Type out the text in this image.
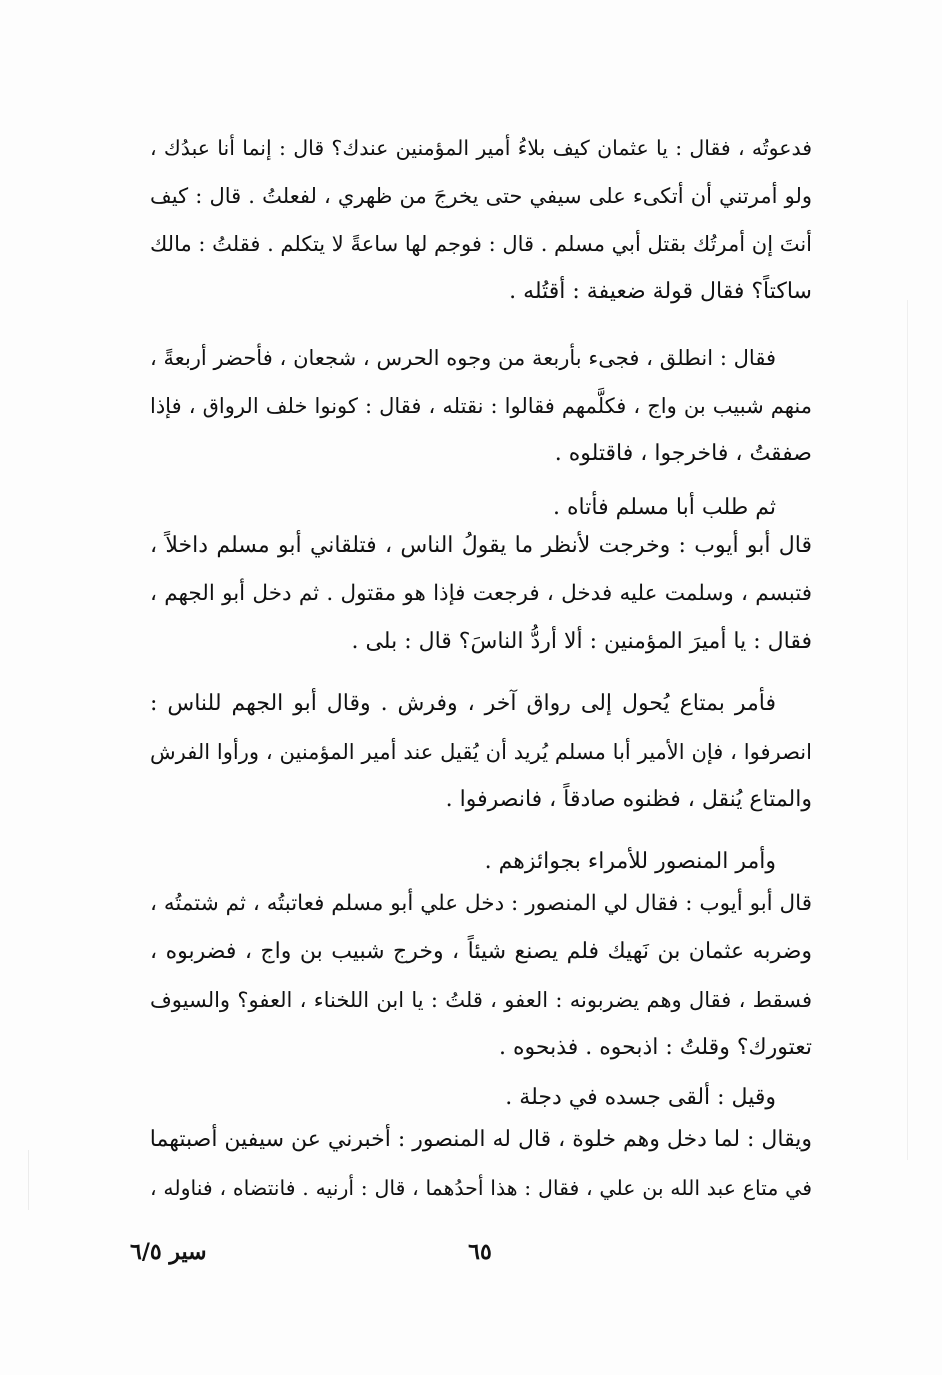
فدعوتُه ، فقال : يا عثمان كيف بلاءُ أمير المؤمنين عندك؟ قال : إنما أنا عبدُك ،
ولو أمرتني أن أتكىء على سيفي حتى يخرجَ من ظهري ، لفعلتُ . قال : كيف
أنتَ إن أمرتُك بقتل أبي مسلم . قال : فوجم لها ساعةً لا يتكلم . فقلتُ : مالك
ساكتاً؟ فقال قولة ضعيفة : أقتُله .
فقال : انطلق ، فجىء بأربعة من وجوه الحرس ، شجعان ، فأحضر أربعةً ،
منهم شبيب بن واج ، فكلَّمهم فقالوا : نقتله ، فقال : كونوا خلف الرواق ، فإذا
صفقتُ ، فاخرجوا ، فاقتلوه .
ثم طلب أبا مسلم فأتاه .
قال أبو أيوب : وخرجت لأنظر ما يقولُ الناس ، فتلقاني أبو مسلم داخلاً ،
فتبسم ، وسلمت عليه فدخل ، فرجعت فإذا هو مقتول . ثم دخل أبو الجهم ،
فقال : يا أميرَ المؤمنين : ألا أردُّ الناسَ؟ قال : بلى .
فأمر بمتاع يُحول إلى رواق آخر ، وفرش . وقال أبو الجهم للناس :
انصرفوا ، فإن الأمير أبا مسلم يُريد أن يُقيل عند أمير المؤمنين ، ورأوا الفرش
والمتاع يُنقل ، فظنوه صادقاً ، فانصرفوا .
وأمر المنصور للأمراء بجوائزهم .
قال أبو أيوب : فقال لي المنصور : دخل علي أبو مسلم فعاتبتُه ، ثم شتمتُه ،
وضربه عثمان بن نَهيك فلم يصنع شيئاً ، وخرج شبيب بن واج ، فضربوه ،
فسقط ، فقال وهم يضربونه : العفو ، قلتُ : يا ابن اللخناء ، العفو؟ والسيوف
تعتورك؟ وقلتُ : اذبحوه . فذبحوه .
وقيل : ألقى جسده في دجلة .
ويقال : لما دخل وهم خلوة ، قال له المنصور : أخبرني عن سيفين أصبتهما
في متاع عبد الله بن علي ، فقال : هذا أحدُهما ، قال : أرنيه . فانتضاه ، فناوله ،
٦٥
سير ٦/٥
